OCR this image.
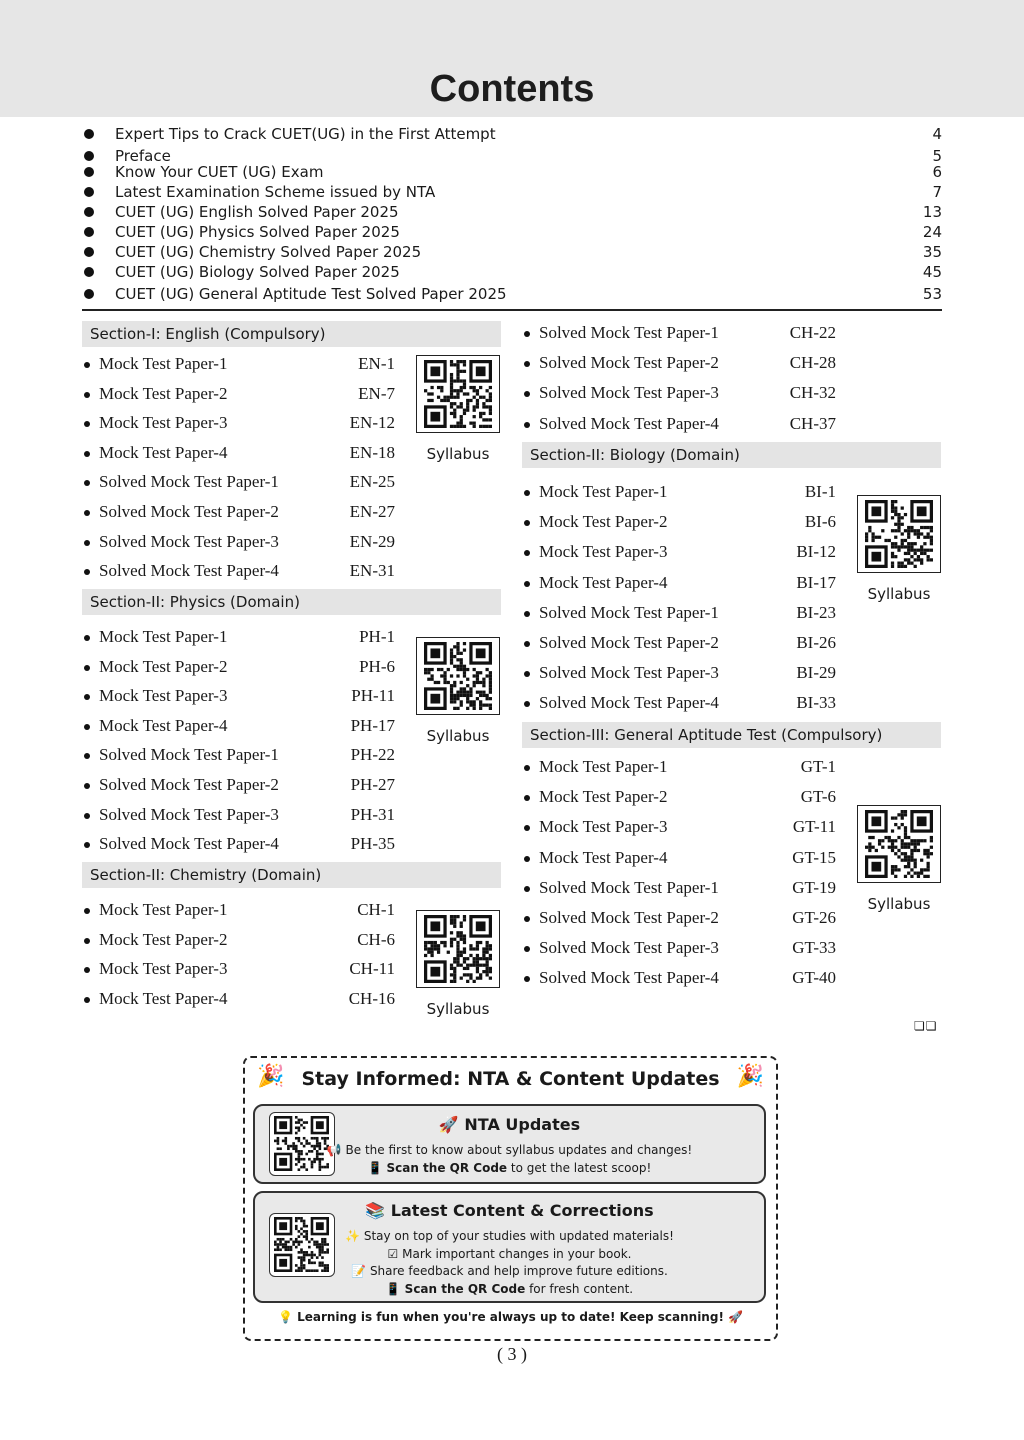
Contents
Expert Tips to Crack CUET(UG) in the First Attempt	4
Preface	5
Know Your CUET (UG) Exam	6
Latest Examination Scheme issued by NTA	7
CUET (UG) English Solved Paper 2025	13
CUET (UG) Physics Solved Paper 2025	24
CUET (UG) Chemistry Solved Paper 2025	35
CUET (UG) Biology Solved Paper 2025	45
CUET (UG) General Aptitude Test Solved Paper 2025	53
Section-I: English (Compulsory)
Mock Test Paper-1	EN-1
Mock Test Paper-2	EN-7
Mock Test Paper-3	EN-12
Mock Test Paper-4	EN-18
Solved Mock Test Paper-1	EN-25
Solved Mock Test Paper-2	EN-27
Solved Mock Test Paper-3	EN-29
Solved Mock Test Paper-4	EN-31
Syllabus
Section-II: Physics (Domain)
Mock Test Paper-1	PH-1
Mock Test Paper-2	PH-6
Mock Test Paper-3	PH-11
Mock Test Paper-4	PH-17
Solved Mock Test Paper-1	PH-22
Solved Mock Test Paper-2	PH-27
Solved Mock Test Paper-3	PH-31
Solved Mock Test Paper-4	PH-35
Syllabus
Section-II: Chemistry (Domain)
Mock Test Paper-1	CH-1
Mock Test Paper-2	CH-6
Mock Test Paper-3	CH-11
Mock Test Paper-4	CH-16
Syllabus
Solved Mock Test Paper-1	CH-22
Solved Mock Test Paper-2	CH-28
Solved Mock Test Paper-3	CH-32
Solved Mock Test Paper-4	CH-37
Section-II: Biology (Domain)
Mock Test Paper-1	BI-1
Mock Test Paper-2	BI-6
Mock Test Paper-3	BI-12
Mock Test Paper-4	BI-17
Solved Mock Test Paper-1	BI-23
Solved Mock Test Paper-2	BI-26
Solved Mock Test Paper-3	BI-29
Solved Mock Test Paper-4	BI-33
Syllabus
Section-III: General Aptitude Test (Compulsory)
Mock Test Paper-1	GT-1
Mock Test Paper-2	GT-6
Mock Test Paper-3	GT-11
Mock Test Paper-4	GT-15
Solved Mock Test Paper-1	GT-19
Solved Mock Test Paper-2	GT-26
Solved Mock Test Paper-3	GT-33
Solved Mock Test Paper-4	GT-40
Syllabus
❏❏
🎉 Stay Informed: NTA & Content Updates 🎉
🚀 NTA Updates
📢 Be the first to know about syllabus updates and changes!
📱 Scan the QR Code to get the latest scoop!
📚 Latest Content & Corrections
✨ Stay on top of your studies with updated materials!
☑ Mark important changes in your book.
📝 Share feedback and help improve future editions.
📱 Scan the QR Code for fresh content.
💡 Learning is fun when you're always up to date! Keep scanning! 🚀
( 3 )
